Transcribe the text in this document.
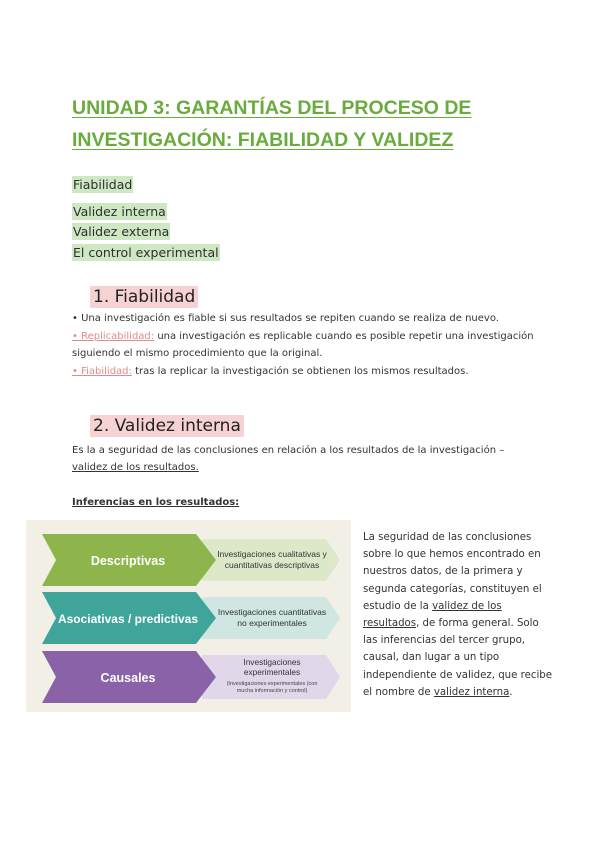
UNIDAD 3: GARANTÍAS DEL PROCESO DE INVESTIGACIÓN: FIABILIDAD Y VALIDEZ
Fiabilidad
Validez interna
Validez externa
El control experimental
1. Fiabilidad
• Una investigación es fiable si sus resultados se repiten cuando se realiza de nuevo.
• Replicabilidad: una investigación es replicable cuando es posible repetir una investigación
siguiendo el mismo procedimiento que la original.
• Fiabilidad: tras la replicar la investigación se obtienen los mismos resultados.
2. Validez interna
Es la a seguridad de las conclusiones en relación a los resultados de la investigación –
validez de los resultados.
Inferencias en los resultados:
Descriptivas	Investigaciones cualitativas y
cuantitativas descriptivas
Asociativas / predictivas Investigaciones cuantitativas
no experimentales
Causales
Investigaciones
experimentales
(Investigaciones experimentales (con
mucha información y control)
La seguridad de las conclusiones sobre lo que hemos encontrado en nuestros datos, de la primera y segunda categorías, constituyen el estudio de la validez de los resultados, de forma general. Solo las inferencias del tercer grupo, causal, dan lugar a un tipo independiente de validez, que recibe el nombre de validez interna.
